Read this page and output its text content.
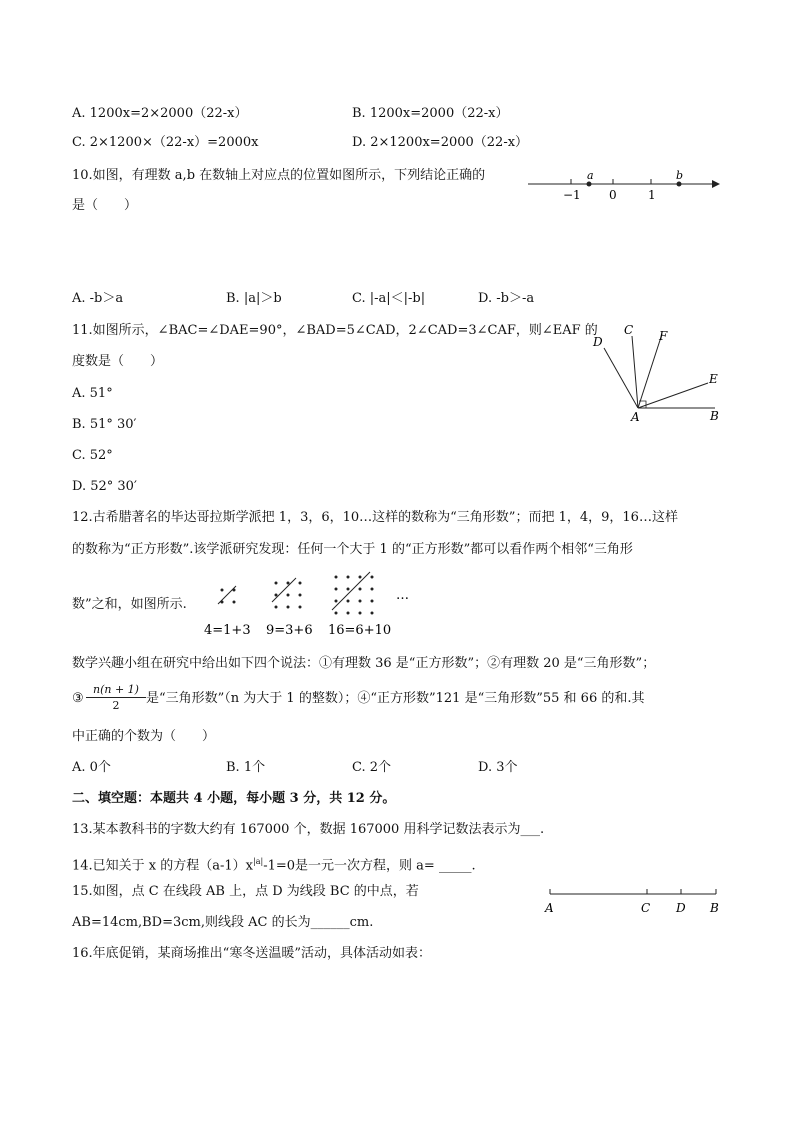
A. 1200x=2×2000（22-x）	B. 1200x=2000（22-x）
C. 2×1200×（22-x）=2000x	D. 2×1200x=2000（22-x）
10.如图，有理数 a,b 在数轴上对应点的位置如图所示，下列结论正确的
是（　　）
a	b
−1 0	1
A. -b＞a	B. |a|＞b	C. |-a|＜|-b|	D. -b＞-a
11.如图所示，∠BAC=∠DAE=90°，∠BAD=5∠CAD，2∠CAD=3∠CAF，则∠EAF 的
度数是（　　）
A. 51°
B. 51° 30′
C. 52°
D. 52° 30′
D
C F
E
A	B
12.古希腊著名的毕达哥拉斯学派把 1，3，6，10…这样的数称为“三角形数”；而把 1，4，9，16…这样
的数称为“正方形数”.该学派研究发现：任何一个大于 1 的“正方形数”都可以看作两个相邻“三角形
数”之和，如图所示.
…
4=1+3 9=3+6 16=6+10
数学兴趣小组在研究中给出如下四个说法：①有理数 36 是“正方形数”；②有理数 20 是“三角形数”；
③ $\frac{n(n + 1)}{2}$ 是“三角形数”（n 为大于 1 的整数）；④“正方形数”121 是“三角形数”55 和 66 的和.其
中正确的个数为（　　）
A. 0个	B. 1个	C. 2个	D. 3个
二、填空题：本题共 4 小题，每小题 3 分，共 12 分。
13.某本教科书的字数大约有 167000 个，数据 167000 用科学记数法表示为___.
14.已知关于 x 的方程$(a-1)x^{|a|}-1=0$是一元一次方程，则 a= _____.
15.如图，点 C 在线段 AB 上，点 D 为线段 BC 的中点，若
AB=14cm,BD=3cm,则线段 AC 的长为______cm.
A	C D B
16.年底促销，某商场推出“寒冬送温暖”活动，具体活动如表：
